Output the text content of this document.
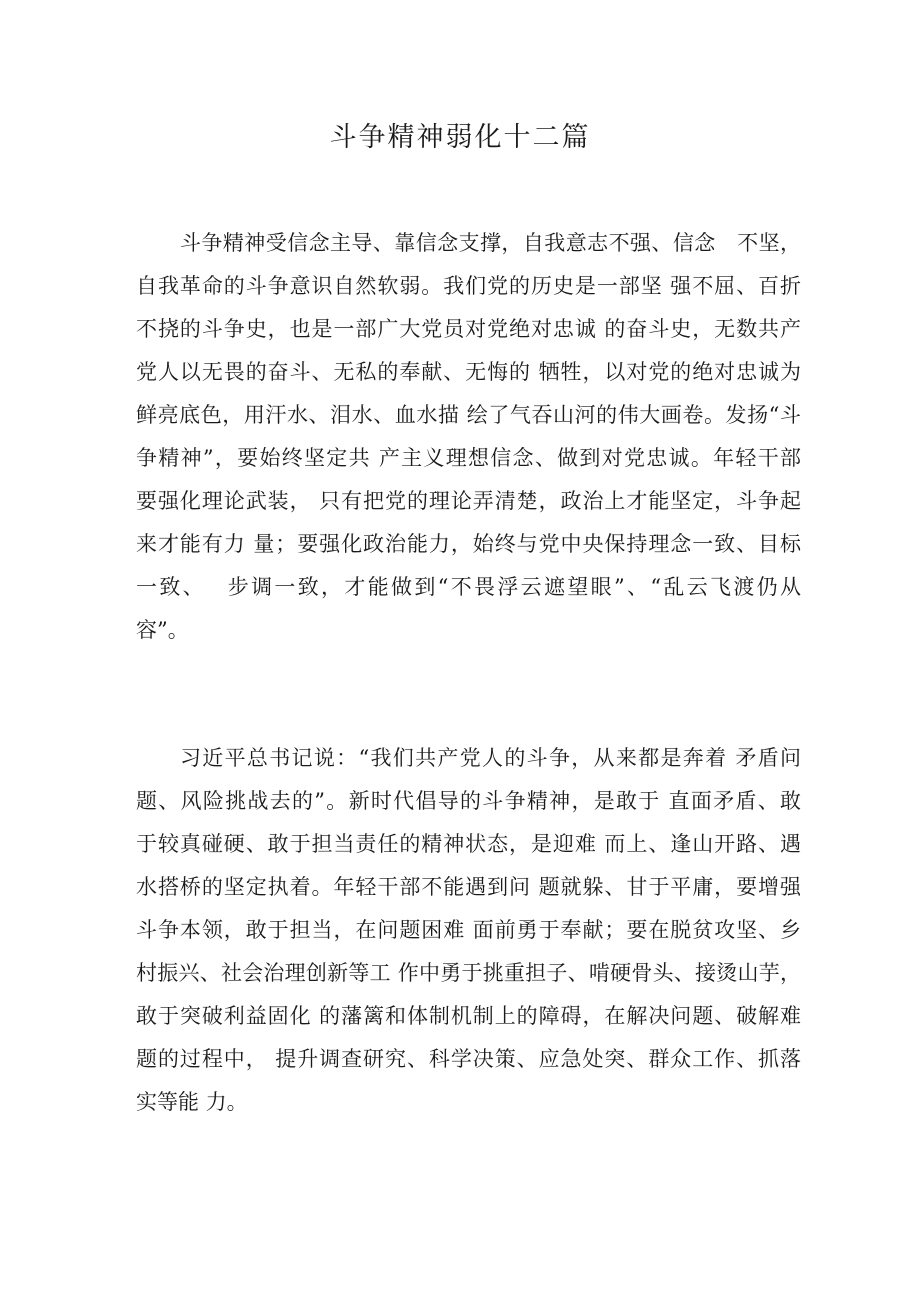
斗争精神弱化十二篇
斗争精神受信念主导、靠信念支撑，自我意志不强、信念　不坚，
自我革命的斗争意识自然软弱。我们党的历史是一部坚 强不屈、百折
不挠的斗争史，也是一部广大党员对党绝对忠诚 的奋斗史，无数共产
党人以无畏的奋斗、无私的奉献、无悔的 牺牲，以对党的绝对忠诚为
鲜亮底色，用汗水、泪水、血水描 绘了气吞山河的伟大画卷。发扬“斗
争精神”，要始终坚定共 产主义理想信念、做到对党忠诚。年轻干部
要强化理论武装， 只有把党的理论弄清楚，政治上才能坚定，斗争起
来才能有力 量；要强化政治能力，始终与党中央保持理念一致、目标
一致、　 步调一致，才能做到“不畏浮云遮望眼”、“乱云飞渡仍从
容”。
习近平总书记说：“我们共产党人的斗争，从来都是奔着 矛盾问
题、风险挑战去的”。新时代倡导的斗争精神，是敢于 直面矛盾、敢
于较真碰硬、敢于担当责任的精神状态，是迎难 而上、逢山开路、遇
水搭桥的坚定执着。年轻干部不能遇到问 题就躲、甘于平庸，要增强
斗争本领，敢于担当，在问题困难 面前勇于奉献；要在脱贫攻坚、乡
村振兴、社会治理创新等工 作中勇于挑重担子、啃硬骨头、接烫山芋，
敢于突破利益固化 的藩篱和体制机制上的障碍，在解决问题、破解难
题的过程中， 提升调查研究、科学决策、应急处突、群众工作、抓落
实等能 力。
